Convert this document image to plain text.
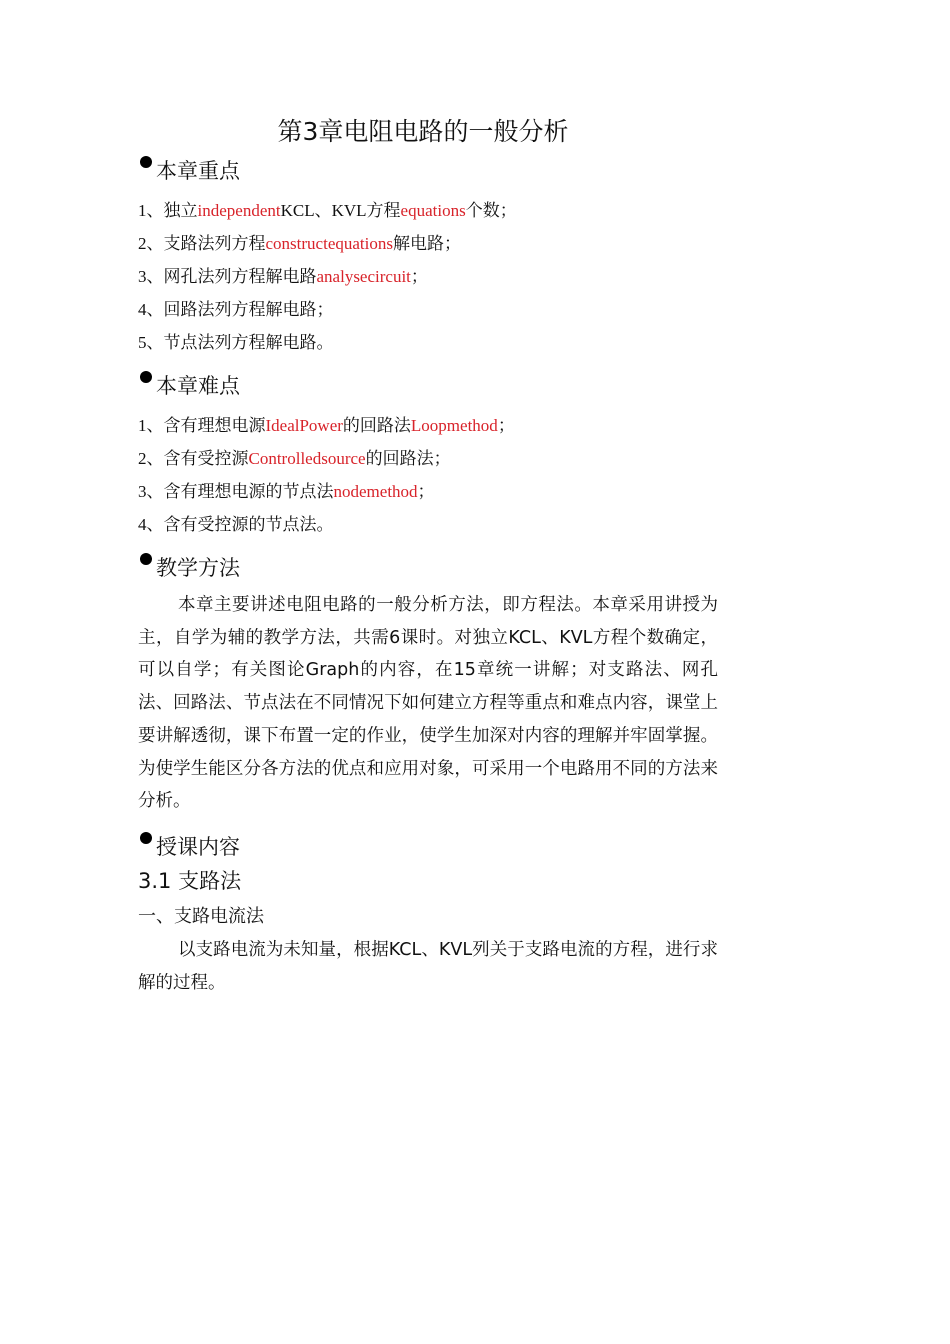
第3章电阻电路的一般分析
本章重点
1、独立independentKCL、KVL方程equations个数；
2、支路法列方程constructequations解电路；
3、网孔法列方程解电路analysecircuit；
4、回路法列方程解电路；
5、节点法列方程解电路。
本章难点
1、含有理想电源IdealPower的回路法Loopmethod；
2、含有受控源Controlledsource的回路法；
3、含有理想电源的节点法nodemethod；
4、含有受控源的节点法。
教学方法

本章主要讲述电阻电路的一般分析方法，即方程法。本章采用讲授为主，自学为辅的教学方法，共需6课时。对独立KCL、KVL方程个数确定，可以自学；有关图论Graph的内容，在15章统一讲解；对支路法、网孔法、回路法、节点法在不同情况下如何建立方程等重点和难点内容，课堂上要讲解透彻，课下布置一定的作业，使学生加深对内容的理解并牢固掌握。为使学生能区分各方法的优点和应用对象，可采用一个电路用不同的方法来分析。

授课内容
3.1 支路法
一、支路电流法

以支路电流为未知量，根据KCL、KVL列关于支路电流的方程，进行求解的过程。
